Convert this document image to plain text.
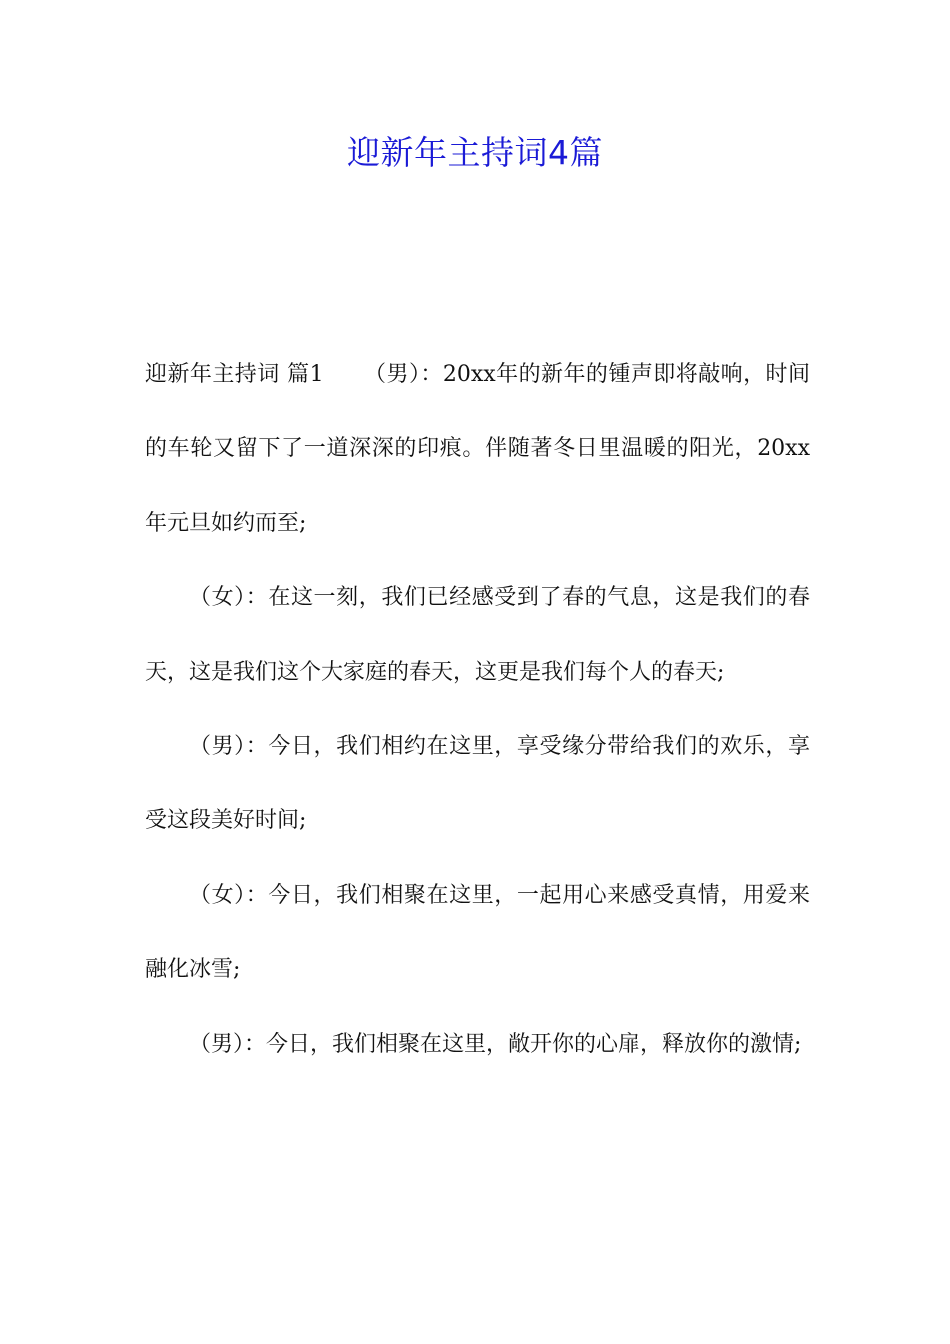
迎新年主持词4篇

迎新年主持词 篇1 （男）：20xx年的新年的锺声即将敲响，时间的车轮又留下了一道深深的印痕。伴随著冬日里温暖的阳光，20xx年元旦如约而至;

（女）：在这一刻，我们已经感受到了春的气息，这是我们的春天，这是我们这个大家庭的春天，这更是我们每个人的春天;

（男）：今日，我们相约在这里，享受缘分带给我们的欢乐，享受这段美好时间;

（女）：今日，我们相聚在这里，一起用心来感受真情，用爱来融化冰雪;

（男）：今日，我们相聚在这里，敞开你的心扉，释放你的激情;
